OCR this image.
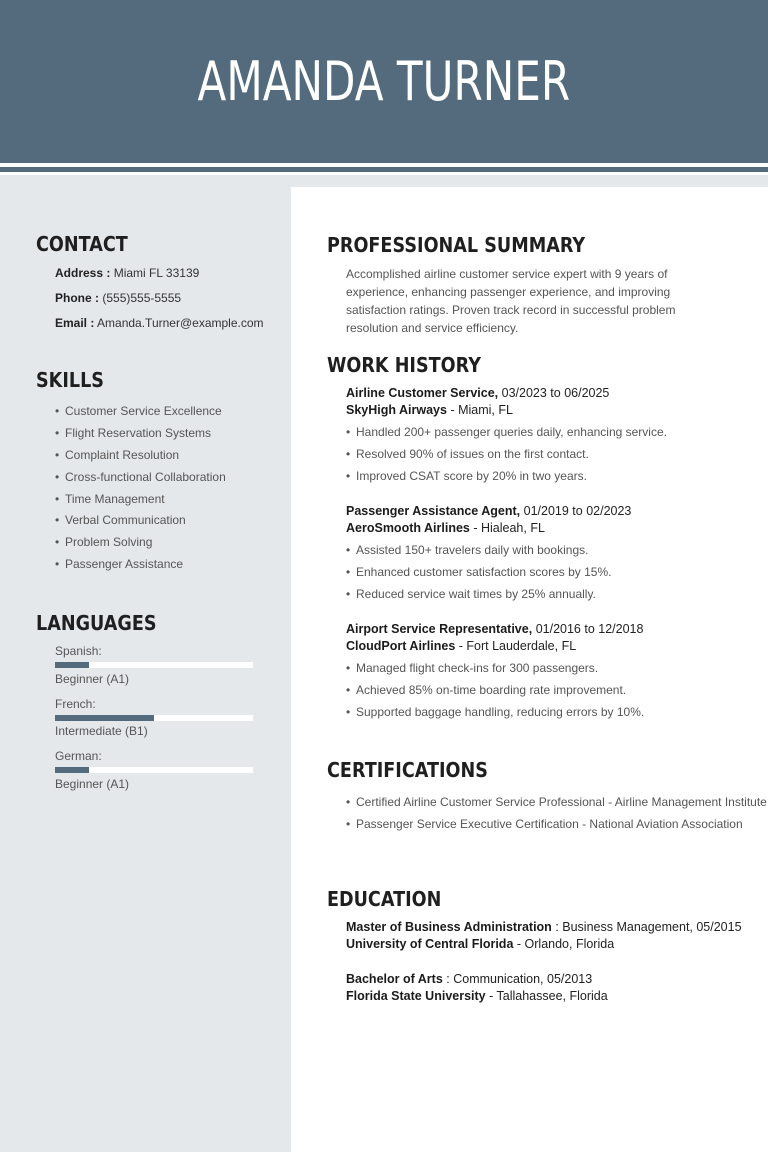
AMANDA TURNER
CONTACT
Address : Miami FL 33139
Phone : (555)555-5555
Email : Amanda.Turner@example.com
SKILLS
• Customer Service Excellence
• Flight Reservation Systems
• Complaint Resolution
• Cross-functional Collaboration
• Time Management
• Verbal Communication
• Problem Solving
• Passenger Assistance
LANGUAGES
Spanish:
Beginner (A1)
French:
Intermediate (B1)
German:
Beginner (A1)
PROFESSIONAL SUMMARY

Accomplished airline customer service expert with 9 years of experience, enhancing passenger experience, and improving satisfaction ratings. Proven track record in successful problem resolution and service efficiency.

WORK HISTORY
Airline Customer Service, 03/2023 to 06/2025
SkyHigh Airways - Miami, FL
• Handled 200+ passenger queries daily, enhancing service.
• Resolved 90% of issues on the first contact.
• Improved CSAT score by 20% in two years.
Passenger Assistance Agent, 01/2019 to 02/2023
AeroSmooth Airlines - Hialeah, FL
• Assisted 150+ travelers daily with bookings.
• Enhanced customer satisfaction scores by 15%.
• Reduced service wait times by 25% annually.
Airport Service Representative, 01/2016 to 12/2018
CloudPort Airlines - Fort Lauderdale, FL
• Managed flight check-ins for 300 passengers.
• Achieved 85% on-time boarding rate improvement.
• Supported baggage handling, reducing errors by 10%.
CERTIFICATIONS
• Certified Airline Customer Service Professional - Airline Management Institute
• Passenger Service Executive Certification - National Aviation Association
EDUCATION
Master of Business Administration : Business Management, 05/2015
University of Central Florida - Orlando, Florida
Bachelor of Arts : Communication, 05/2013
Florida State University - Tallahassee, Florida
